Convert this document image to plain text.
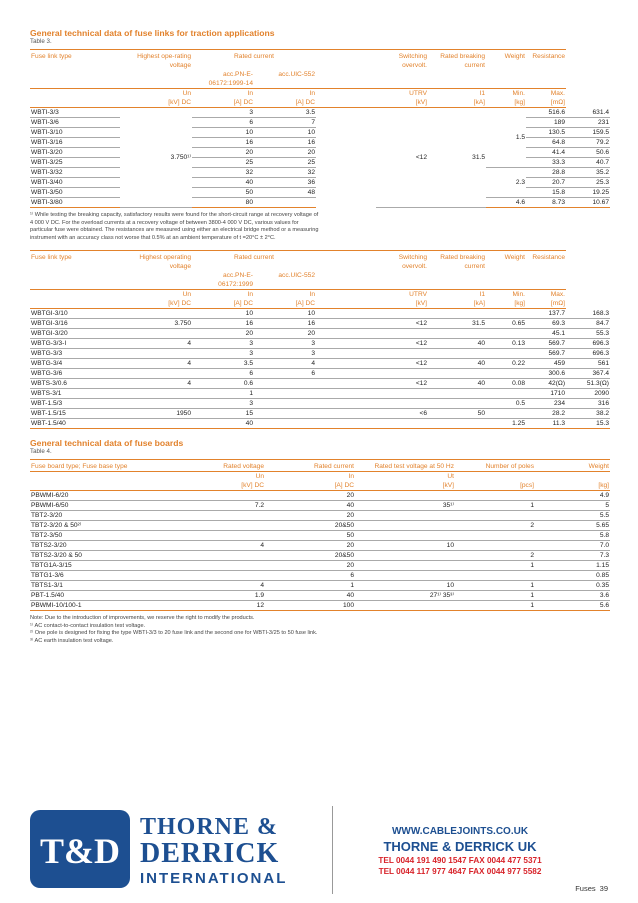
General technical data of fuse links for traction applications
Table 3.
Fuse link type	Highest ope-rating voltage	Rated current			Switching overvolt.	Rated breaking current	Weight	Resistance	
		acc.PN-E-06172:1999-14	acc.UIC-552						
	Un	In	In		UTRV	I1	Min.	Max.	
	[kV] DC	[A] DC	[A] DC		[kV]	[kA]	[kg]	[mΩ]	
WBTI-3/3	3.750¹⁾	3	3.5		<12	31.5	1.5	516.6	631.4
WBTI-3/6		6	7					189	231
WBTI-3/10		10	10					130.5	159.5
WBTI-3/16		16	16					64.8	79.2
WBTI-3/20		20	20					41.4	50.6
WBTI-3/25		25	25					33.3	40.7
WBTI-3/32		32	32				2.3	28.8	35.2
WBTI-3/40		40	36					20.7	25.3
WBTI-3/50		50	48					15.8	19.25
WBTI-3/80		80					4.6	8.73	10.67
¹⁾ While testing the breaking capacity, satisfactory results were found for the short-circuit range at recovery voltage of 4 000 V DC. For the overload currents at a recovery voltage of between 3800-4 000 V DC, various values for particular fuse were obtained. The resistances are measured using either an electrical bridge method or a measuring instrument with an accuracy class not worse that 0.5% at an ambient temperature of t =20°C ± 2°C.
Fuse link type	Highest operating voltage	Rated current			Switching overvolt.	Rated breaking current	Weight	Resistance	
		acc.PN-E-06172:1999	acc.UIC-552						
	Un	In	In		UTRV	I1	Min.	Max.	
	[kV] DC	[A] DC	[A] DC		[kV]	[kA]	[kg]	[mΩ]	
WBTGI-3/10		10	10					137.7	168.3
WBTGI-3/16	3.750	16	16		<12	31.5	0.65	69.3	84.7
WBTGI-3/20		20	20					45.1	55.3
WBTG-3/3-I	4	3	3		<12	40	0.13	569.7	696.3
WBTG-3/3		3	3					569.7	696.3
WBTG-3/4	4	3.5	4		<12	40	0.22	459	561
WBTG-3/6		6	6					300.6	367.4
WBTS-3/0.6	4	0.6			<12	40	0.08	42(Ω)	51.3(Ω)
WBTS-3/1		1						1710	2090
WBT-1.5/3		3					0.5	234	316
WBT-1.5/15	1950	15			<6	50		28.2	38.2
WBT-1.5/40		40					1.25	11.3	15.3
General technical data of fuse boards
Table 4.
Fuse board type; Fuse base type	Rated voltage	Rated current	Rated test voltage at 50 Hz	Number of poles	Weight
	Un	In	Ut		
	[kV] DC	[A] DC	[kV]	[pcs]	[kg]
PBWMI-6/20		20			4.9
PBWMI-6/50	7.2	40	35¹⁾	1	5
TBT2-3/20		20			5.5
TBT2-3/20 & 50²⁾		20&50		2	5.65
TBT2-3/50		50			5.8
TBTS2-3/20	4	20	10		7.0
TBTS2-3/20 & 50		20&50		2	7.3
TBTG1A-3/15		20		1	1.15
TBTG1-3/6		6			0.85
TBTS1-3/1	4	1	10	1	0.35
PBT-1.5/40	1.9	40	27¹⁾ 35³⁾	1	3.6
PBWMI-10/100-1	12	100		1	5.6
Note: Due to the introduction of improvements, we reserve the right to modify the products.
¹⁾ AC contact-to-contact insulation test voltage.
²⁾ One pole is designed for fixing the type WBTI-3/3 to 20 fuse link and the second one for WBTI-3/25 to 50 fuse link.
³⁾ AC earth insulation test voltage.
T&D
THORNE &
DERRICK
INTERNATIONAL
WWW.CABLEJOINTS.CO.UK
THORNE & DERRICK UK
TEL 0044 191 490 1547 FAX 0044 477 5371
TEL 0044 117 977 4647 FAX 0044 977 5582
Fuses 39
